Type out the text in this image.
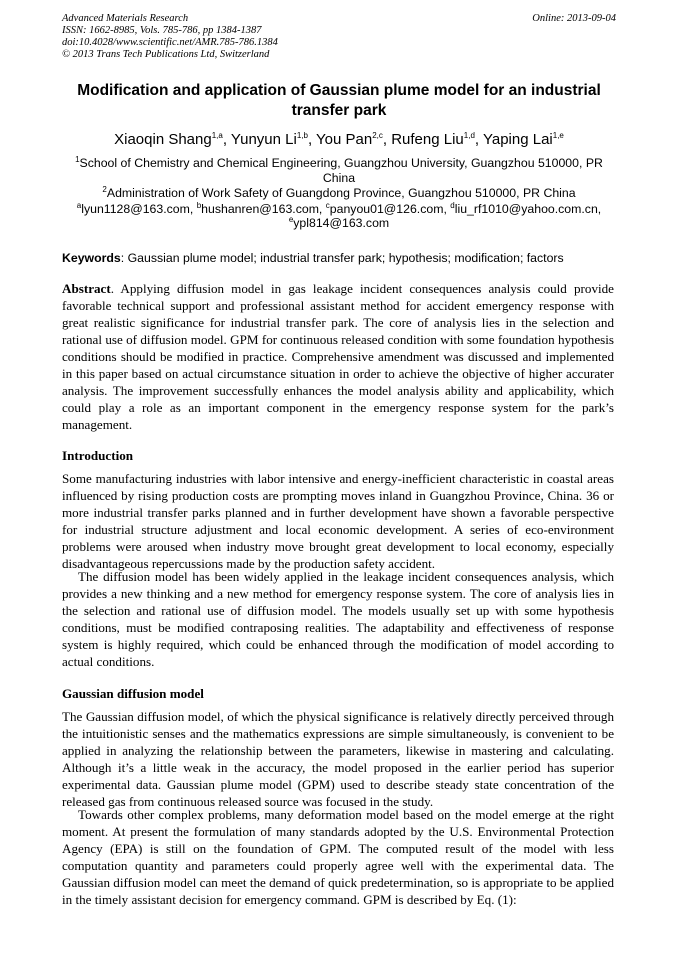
Advanced Materials Research
ISSN: 1662-8985, Vols. 785-786, pp 1384-1387
doi:10.4028/www.scientific.net/AMR.785-786.1384
© 2013 Trans Tech Publications Ltd, Switzerland
Online: 2013-09-04
Modification and application of Gaussian plume model for an industrial transfer park
Xiaoqin Shang$^{1,a}$, Yunyun Li$^{1,b}$, You Pan$^{2,c}$, Rufeng Liu$^{1,d}$, Yaping Lai$^{1,e}$
$^1$School of Chemistry and Chemical Engineering, Guangzhou University, Guangzhou 510000, PR
China
$^2$Administration of Work Safety of Guangdong Province, Guangzhou 510000, PR China
$^a$lyun1128@163.com, $^b$hushanren@163.com, $^c$panyou01@126.com, $^d$liu_rf1010@yahoo.com.cn,
$^e$ypl814@163.com
Keywords: Gaussian plume model; industrial transfer park; hypothesis; modification; factors
Abstract. Applying diffusion model in gas leakage incident consequences analysis could provide favorable technical support and professional assistant method for accident emergency response with great realistic significance for industrial transfer park. The core of analysis lies in the selection and rational use of diffusion model. GPM for continuous released condition with some foundation hypothesis conditions should be modified in practice. Comprehensive amendment was discussed and implemented in this paper based on actual circumstance situation in order to achieve the objective of higher accurater analysis. The improvement successfully enhances the model analysis ability and applicability, which could play a role as an important component in the emergency response system for the park’s management.
Introduction
Some manufacturing industries with labor intensive and energy-inefficient characteristic in coastal areas influenced by rising production costs are prompting moves inland in Guangzhou Province, China. 36 or more industrial transfer parks planned and in further development have shown a favorable perspective for industrial structure adjustment and local economic development. A series of eco-environment problems were aroused when industry move brought great development to local economy, especially disadvantageous repercussions made by the production safety accident.
The diffusion model has been widely applied in the leakage incident consequences analysis, which provides a new thinking and a new method for emergency response system. The core of analysis lies in the selection and rational use of diffusion model. The models usually set up with some hypothesis conditions, must be modified contraposing realities. The adaptability and effectiveness of response system is highly required, which could be enhanced through the modification of model according to actual conditions.
Gaussian diffusion model
The Gaussian diffusion model, of which the physical significance is relatively directly perceived through the intuitionistic senses and the mathematics expressions are simple simultaneously, is convenient to be applied in analyzing the relationship between the parameters, likewise in mastering and calculating. Although it’s a little weak in the accuracy, the model proposed in the earlier period has superior experimental data. Gaussian plume model (GPM) used to describe steady state concentration of the released gas from continuous released source was focused in the study.
Towards other complex problems, many deformation model based on the model emerge at the right moment. At present the formulation of many standards adopted by the U.S. Environmental Protection Agency (EPA) is still on the foundation of GPM. The computed result of the model with less computation quantity and parameters could properly agree well with the experimental data. The Gaussian diffusion model can meet the demand of quick predetermination, so is appropriate to be applied in the timely assistant decision for emergency command. GPM is described by Eq. (1):
